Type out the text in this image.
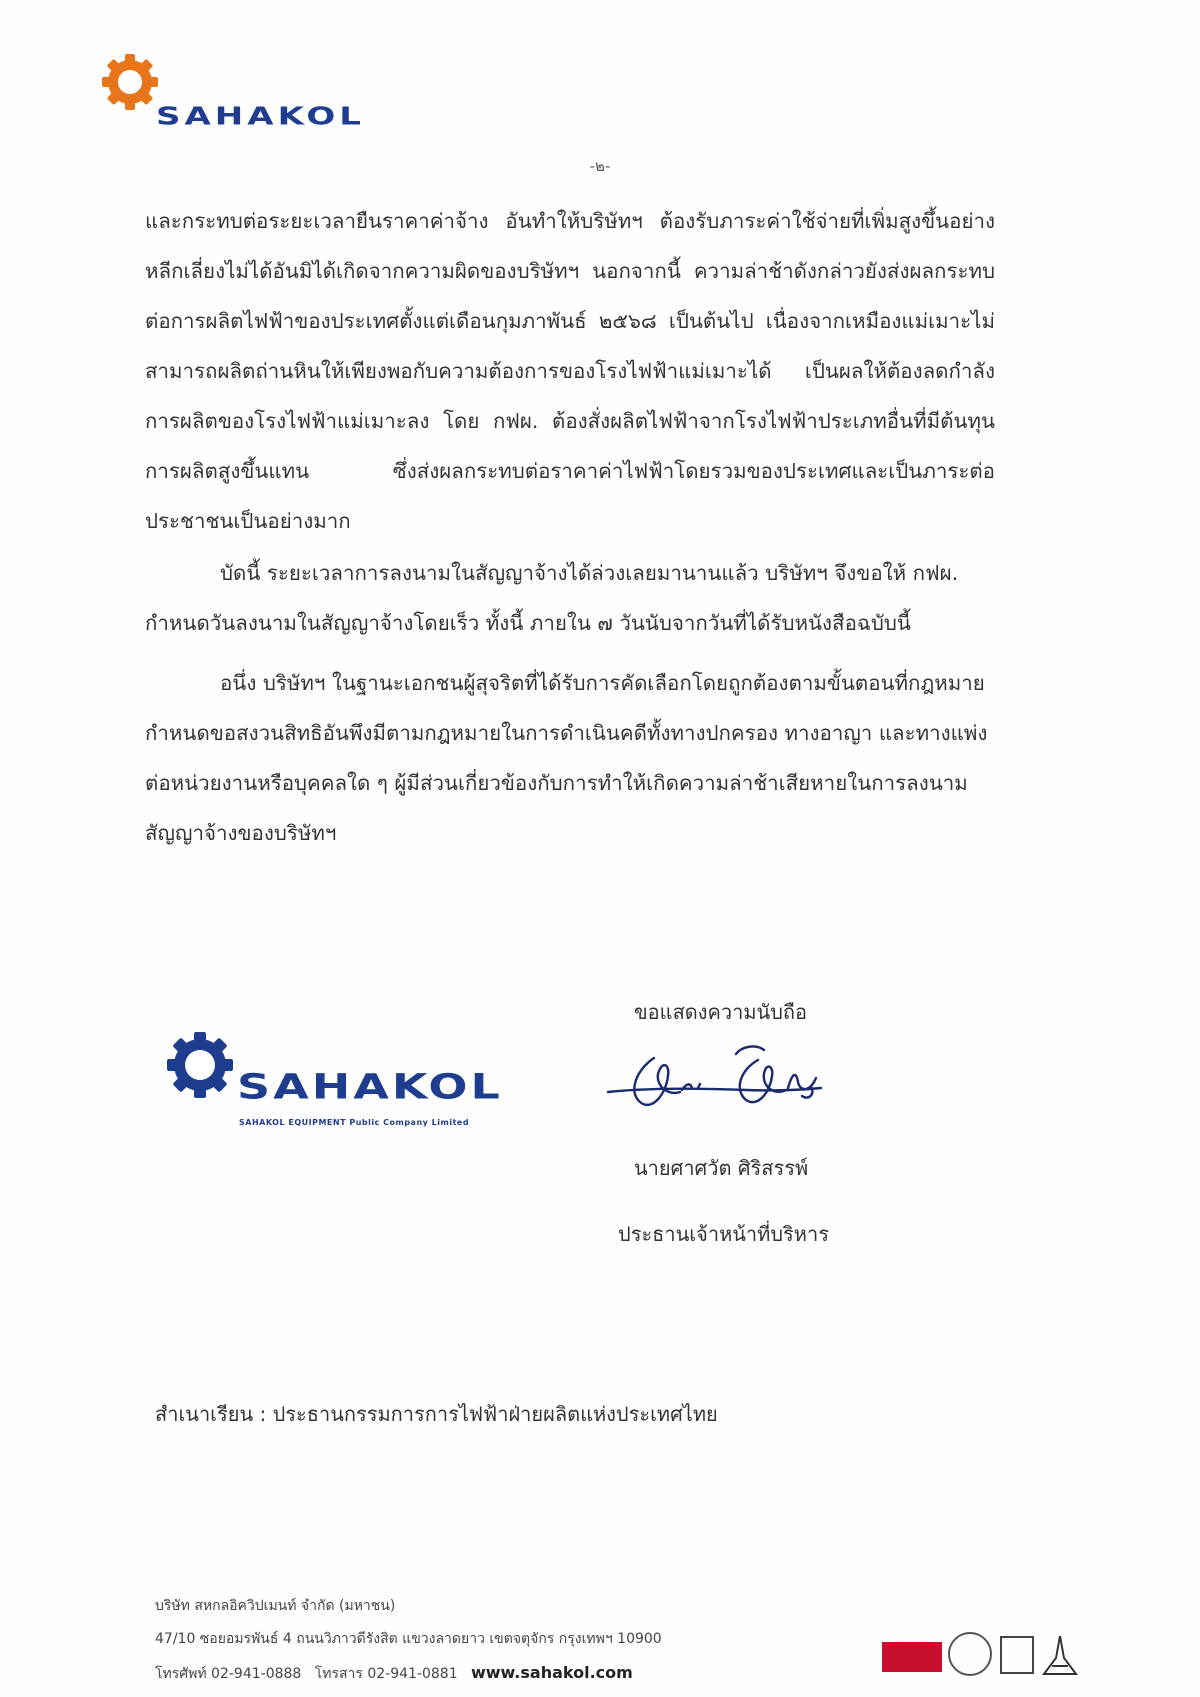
SAHAKOL
-๒-
และกระทบต่อระยะเวลายืนราคาค่าจ้าง อันทำให้บริษัทฯ ต้องรับภาระค่าใช้จ่ายที่เพิ่มสูงขึ้นอย่างหลีกเลี่ยงไม่ได้อันมิได้เกิดจากความผิดของบริษัทฯ นอกจากนี้ ความล่าช้าดังกล่าวยังส่งผลกระทบต่อการผลิตไฟฟ้าของประเทศตั้งแต่เดือนกุมภาพันธ์ ๒๕๖๘ เป็นต้นไป เนื่องจากเหมืองแม่เมาะไม่สามารถผลิตถ่านหินให้เพียงพอกับความต้องการของโรงไฟฟ้าแม่เมาะได้ เป็นผลให้ต้องลดกำลังการผลิตของโรงไฟฟ้าแม่เมาะลง โดย กฟผ. ต้องสั่งผลิตไฟฟ้าจากโรงไฟฟ้าประเภทอื่นที่มีต้นทุนการผลิตสูงขึ้นแทน ซึ่งส่งผลกระทบต่อราคาค่าไฟฟ้าโดยรวมของประเทศและเป็นภาระต่อประชาชนเป็นอย่างมาก
บัดนี้ ระยะเวลาการลงนามในสัญญาจ้างได้ล่วงเลยมานานแล้ว บริษัทฯ จึงขอให้ กฟผ. กำหนดวันลงนามในสัญญาจ้างโดยเร็ว ทั้งนี้ ภายใน ๗ วันนับจากวันที่ได้รับหนังสือฉบับนี้
อนึ่ง บริษัทฯ ในฐานะเอกชนผู้สุจริตที่ได้รับการคัดเลือกโดยถูกต้องตามขั้นตอนที่กฎหมายกำหนดขอสงวนสิทธิอันพึงมีตามกฎหมายในการดำเนินคดีทั้งทางปกครอง ทางอาญา และทางแพ่งต่อหน่วยงานหรือบุคคลใด ๆ ผู้มีส่วนเกี่ยวข้องกับการทำให้เกิดความล่าช้าเสียหายในการลงนามสัญญาจ้างของบริษัทฯ
ขอแสดงความนับถือ
นายศาศวัต ศิริสรรพ์
ประธานเจ้าหน้าที่บริหาร
SAHAKOL
SAHAKOL EQUIPMENT Public Company Limited
สำเนาเรียน : ประธานกรรมการการไฟฟ้าฝ่ายผลิตแห่งประเทศไทย
บริษัท สหกลอิควิปเมนท์ จำกัด (มหาชน)
47/10 ซอยอมรพันธ์ 4 ถนนวิภาวดีรังสิต แขวงลาดยาว เขตจตุจักร กรุงเทพฯ 10900
โทรศัพท์ 02-941-0888 โทรสาร 02-941-0881 www.sahakol.com
